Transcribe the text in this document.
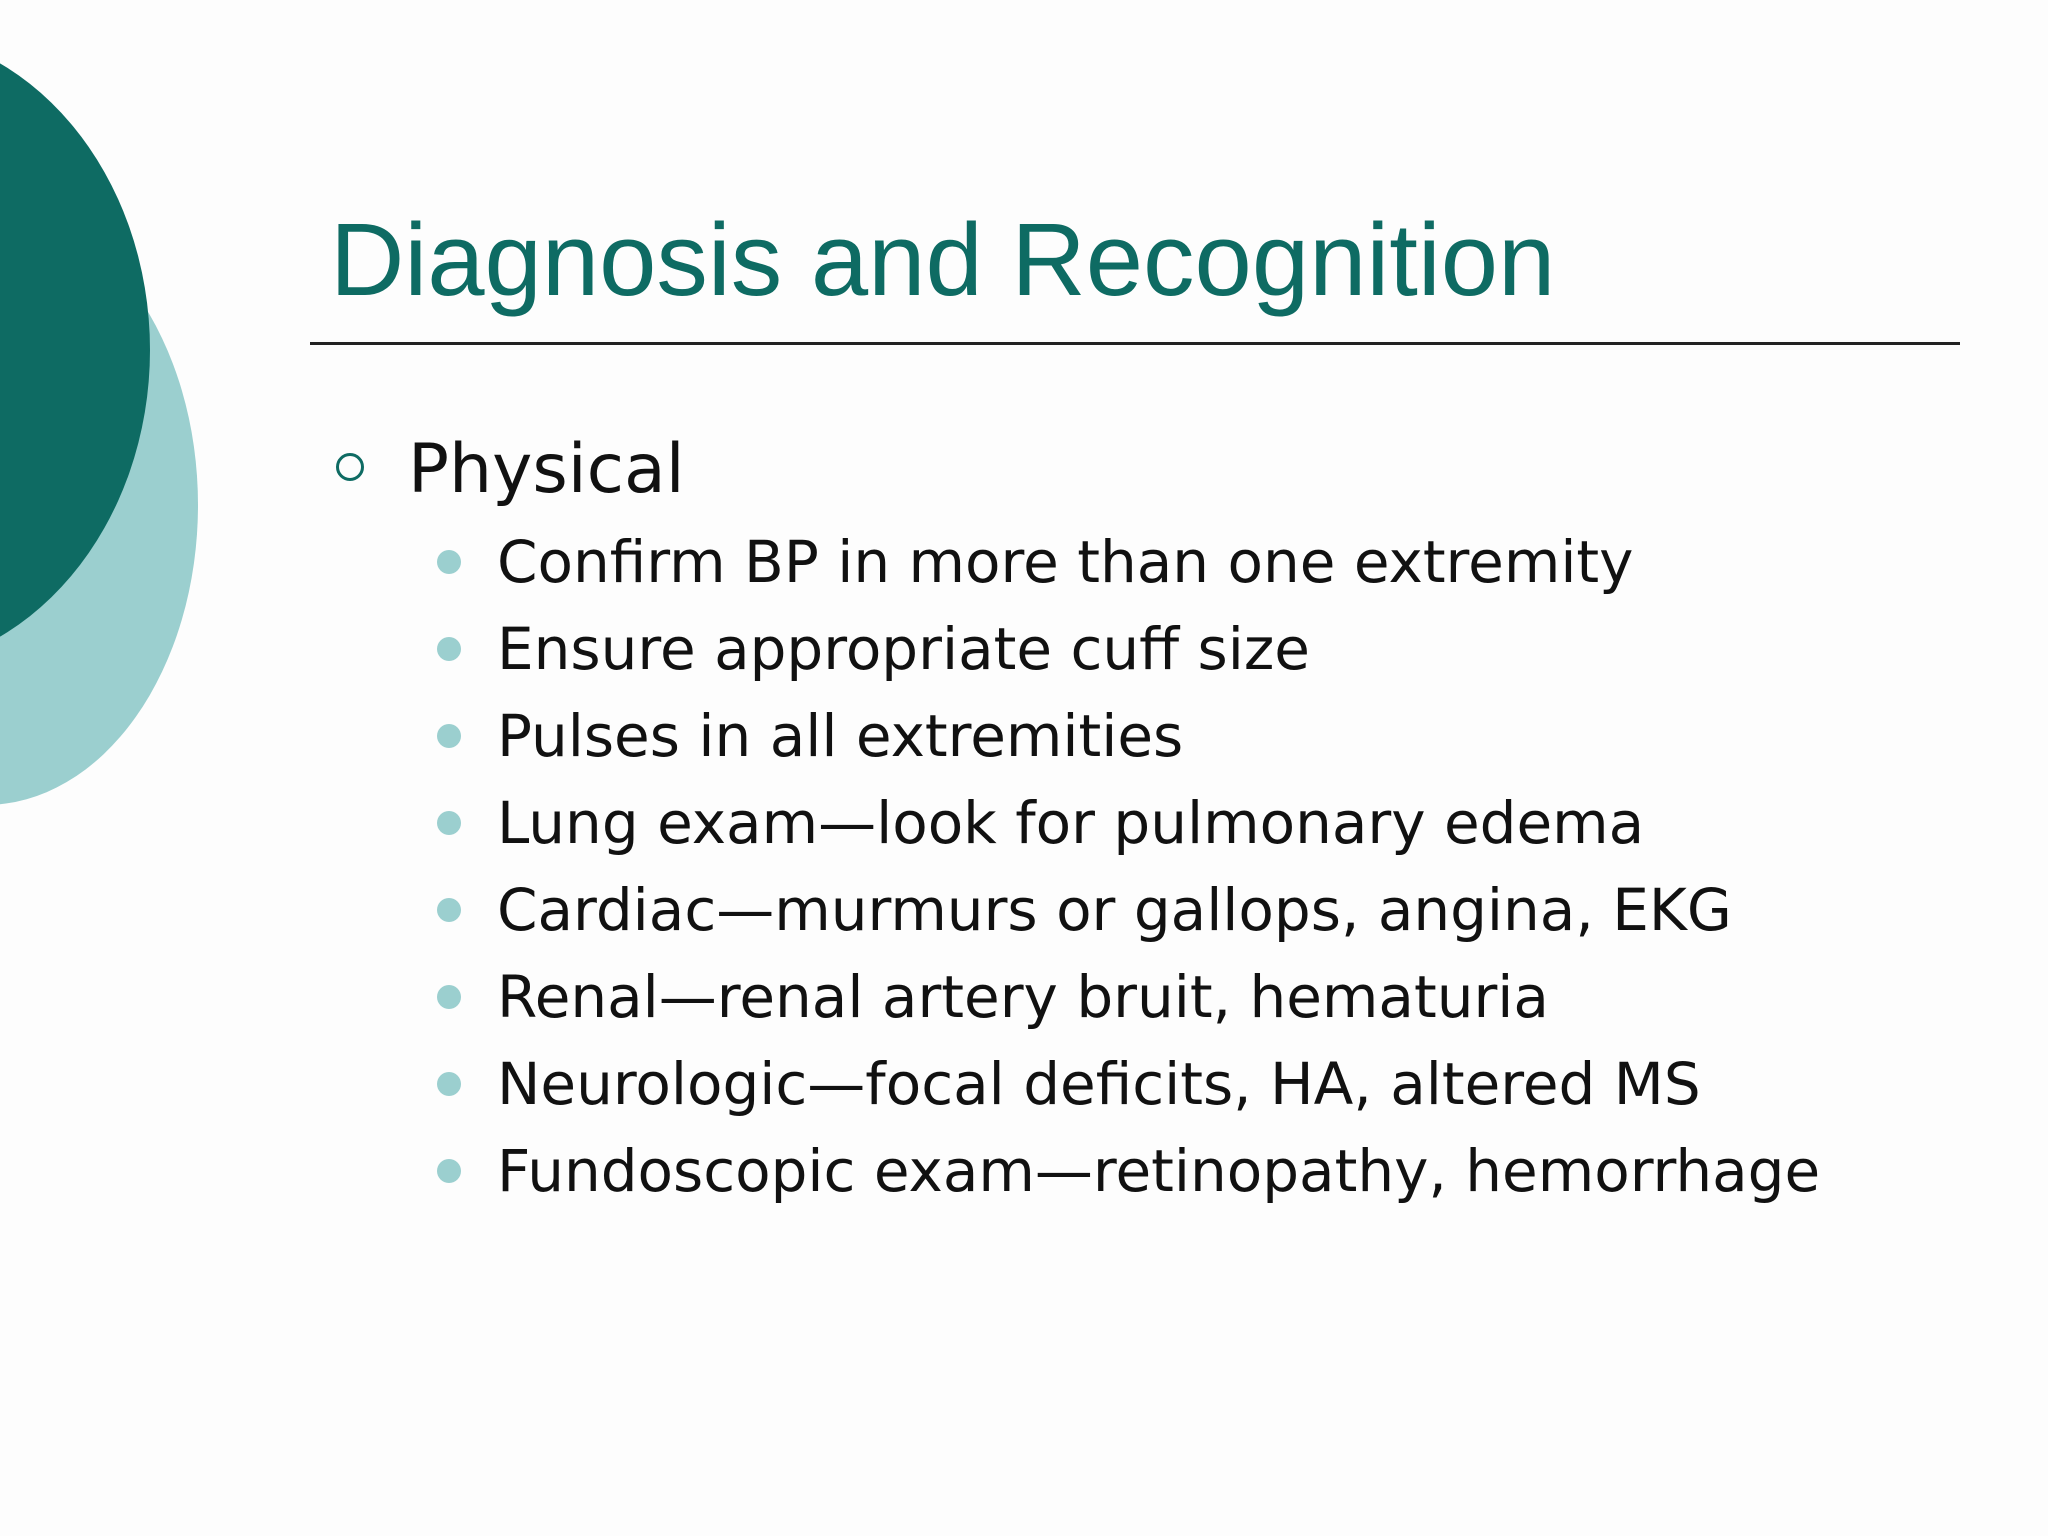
Diagnosis and Recognition
Physical
Confirm BP in more than one extremity
Ensure appropriate cuff size
Pulses in all extremities
Lung exam—look for pulmonary edema
Cardiac—murmurs or gallops, angina, EKG
Renal—renal artery bruit, hematuria
Neurologic—focal deficits, HA, altered MS
Fundoscopic exam—retinopathy, hemorrhage
